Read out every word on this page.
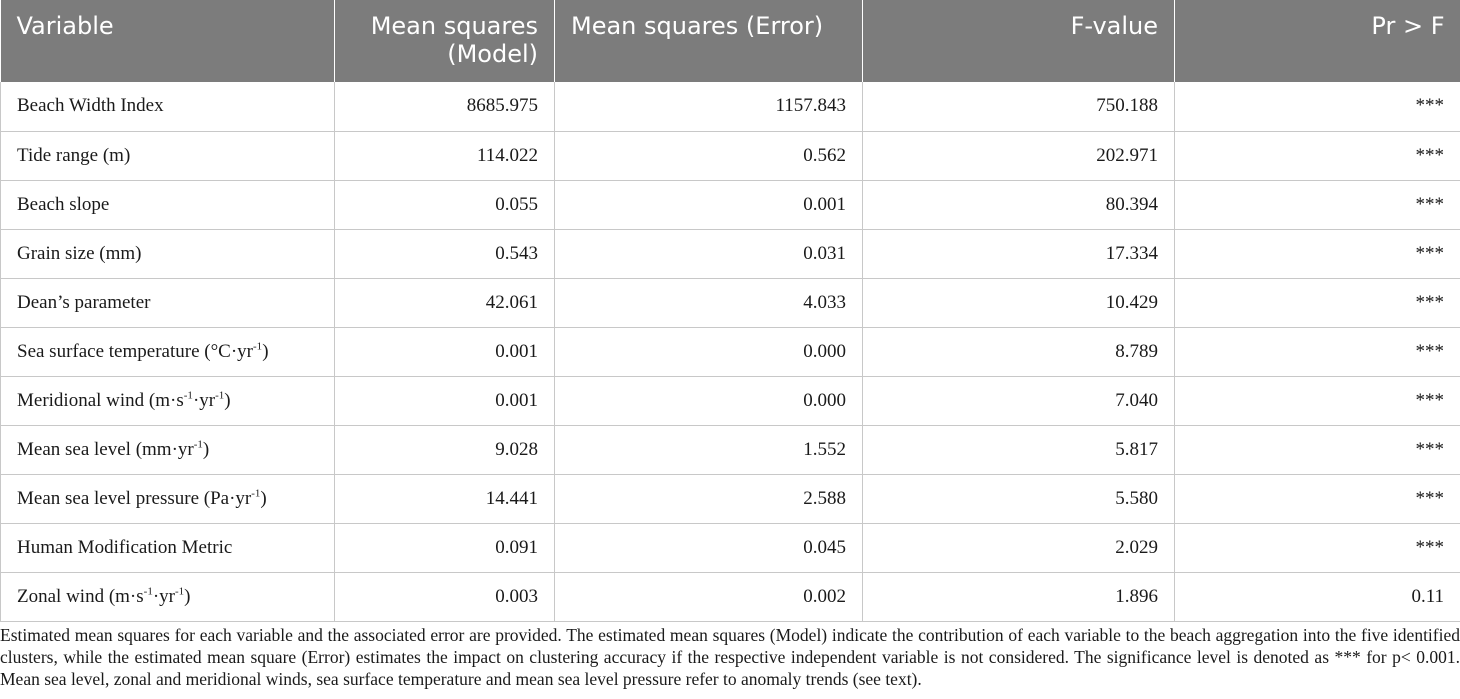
Variable	Mean squares (Model)	Mean squares (Error)	F-value	Pr > F
Beach Width Index	8685.975	1157.843	750.188	***
Tide range (m)	114.022	0.562	202.971	***
Beach slope	0.055	0.001	80.394	***
Grain size (mm)	0.543	0.031	17.334	***
Dean’s parameter	42.061	4.033	10.429	***
Sea surface temperature $(^\circ C\cdot yr^{-1})$	0.001	0.000	8.789	***
Meridional wind $(m\cdot s^{-1}\cdot yr^{-1})$	0.001	0.000	7.040	***
Mean sea level $(mm\cdot yr^{-1})$	9.028	1.552	5.817	***
Mean sea level pressure $(Pa\cdot yr^{-1})$	14.441	2.588	5.580	***
Human Modification Metric	0.091	0.045	2.029	***
Zonal wind $(m\cdot s^{-1}\cdot yr^{-1})$	0.003	0.002	1.896	0.11

Estimated mean squares for each variable and the associated error are provided. The estimated mean squares (Model) indicate the contribution of each variable to the beach aggregation into the five identified clusters, while the estimated mean square (Error) estimates the impact on clustering accuracy if the respective independent variable is not considered. The significance level is denoted as *** for p< 0.001. Mean sea level, zonal and meridional winds, sea surface temperature and mean sea level pressure refer to anomaly trends (see text).
